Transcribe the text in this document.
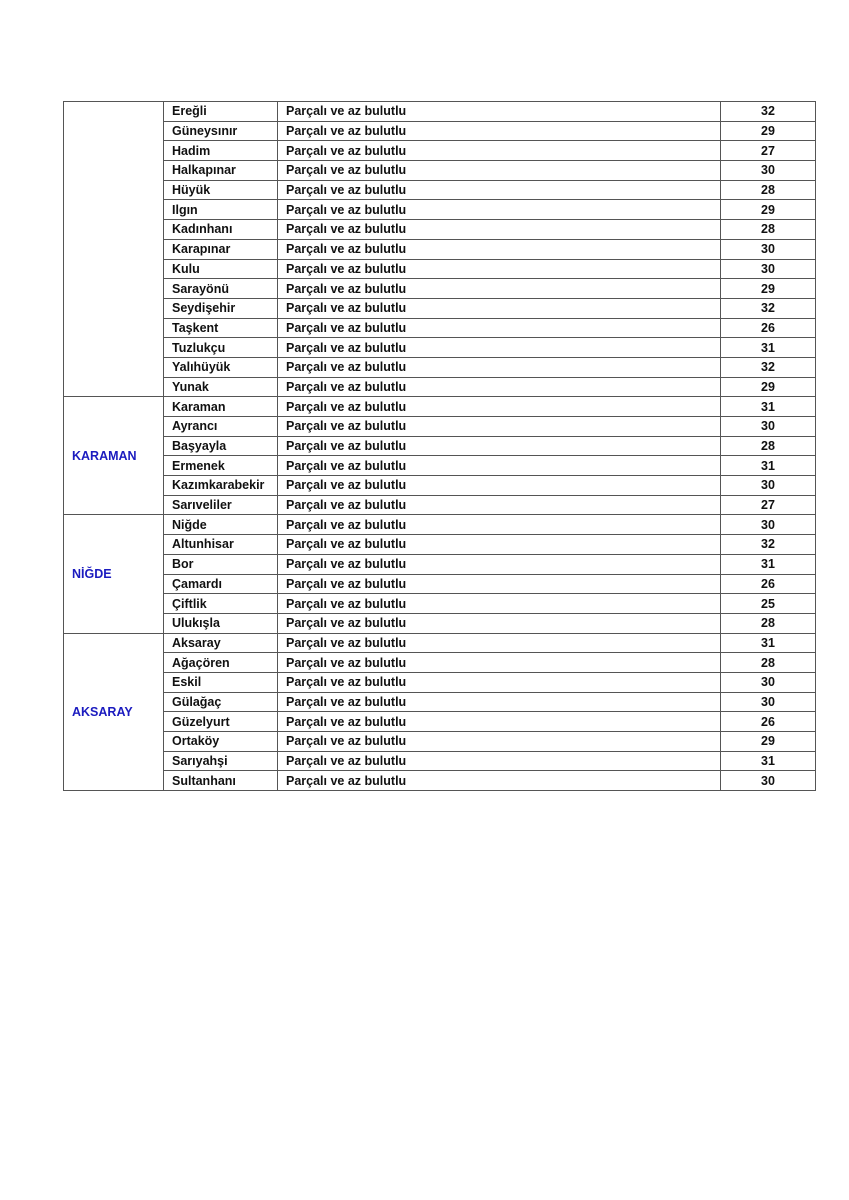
	Ereğli	Parçalı ve az bulutlu	32
	Güneysınır	Parçalı ve az bulutlu	29
	Hadim	Parçalı ve az bulutlu	27
	Halkapınar	Parçalı ve az bulutlu	30
	Hüyük	Parçalı ve az bulutlu	28
	Ilgın	Parçalı ve az bulutlu	29
	Kadınhanı	Parçalı ve az bulutlu	28
	Karapınar	Parçalı ve az bulutlu	30
	Kulu	Parçalı ve az bulutlu	30
	Sarayönü	Parçalı ve az bulutlu	29
	Seydişehir	Parçalı ve az bulutlu	32
	Taşkent	Parçalı ve az bulutlu	26
	Tuzlukçu	Parçalı ve az bulutlu	31
	Yalıhüyük	Parçalı ve az bulutlu	32
	Yunak	Parçalı ve az bulutlu	29
KARAMAN	Karaman	Parçalı ve az bulutlu	31
	Ayrancı	Parçalı ve az bulutlu	30
	Başyayla	Parçalı ve az bulutlu	28
	Ermenek	Parçalı ve az bulutlu	31
	Kazımkarabekir	Parçalı ve az bulutlu	30
	Sarıveliler	Parçalı ve az bulutlu	27
NİĞDE	Niğde	Parçalı ve az bulutlu	30
	Altunhisar	Parçalı ve az bulutlu	32
	Bor	Parçalı ve az bulutlu	31
	Çamardı	Parçalı ve az bulutlu	26
	Çiftlik	Parçalı ve az bulutlu	25
	Ulukışla	Parçalı ve az bulutlu	28
AKSARAY	Aksaray	Parçalı ve az bulutlu	31
	Ağaçören	Parçalı ve az bulutlu	28
	Eskil	Parçalı ve az bulutlu	30
	Gülağaç	Parçalı ve az bulutlu	30
	Güzelyurt	Parçalı ve az bulutlu	26
	Ortaköy	Parçalı ve az bulutlu	29
	Sarıyahşi	Parçalı ve az bulutlu	31
	Sultanhanı	Parçalı ve az bulutlu	30
